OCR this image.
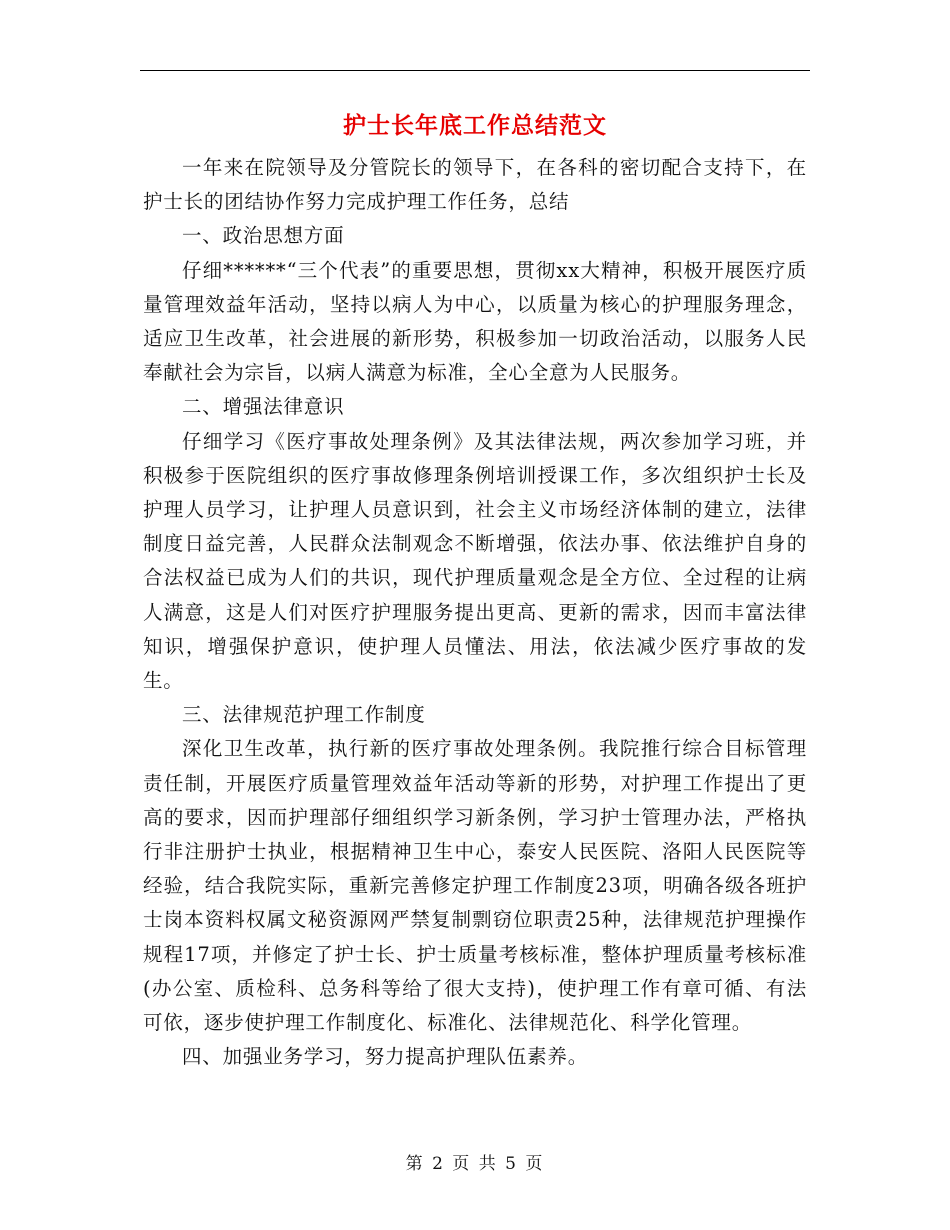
护士长年底工作总结范文

一年来在院领导及分管院长的领导下，在各科的密切配合支持下，在护士长的团结协作努力完成护理工作任务，总结

一、政治思想方面

仔细******“三个代表”的重要思想，贯彻xx大精神，积极开展医疗质量管理效益年活动，坚持以病人为中心，以质量为核心的护理服务理念，适应卫生改革，社会进展的新形势，积极参加一切政治活动，以服务人民奉献社会为宗旨，以病人满意为标准，全心全意为人民服务。

二、增强法律意识

仔细学习《医疗事故处理条例》及其法律法规，两次参加学习班，并积极参于医院组织的医疗事故修理条例培训授课工作，多次组织护士长及护理人员学习，让护理人员意识到，社会主义市场经济体制的建立，法律制度日益完善，人民群众法制观念不断增强，依法办事、依法维护自身的合法权益已成为人们的共识，现代护理质量观念是全方位、全过程的让病人满意，这是人们对医疗护理服务提出更高、更新的需求，因而丰富法律知识，增强保护意识，使护理人员懂法、用法，依法减少医疗事故的发生。

三、法律规范护理工作制度

深化卫生改革，执行新的医疗事故处理条例。我院推行综合目标管理责任制，开展医疗质量管理效益年活动等新的形势，对护理工作提出了更高的要求，因而护理部仔细组织学习新条例，学习护士管理办法，严格执行非注册护士执业，根据精神卫生中心，泰安人民医院、洛阳人民医院等经验，结合我院实际，重新完善修定护理工作制度23项，明确各级各班护士岗本资料权属文秘资源网严禁复制剽窃位职责25种，法律规范护理操作规程17项，并修定了护士长、护士质量考核标准，整体护理质量考核标准(办公室、质检科、总务科等给了很大支持)，使护理工作有章可循、有法可依，逐步使护理工作制度化、标准化、法律规范化、科学化管理。

四、加强业务学习，努力提高护理队伍素养。

第 2 页 共 5 页
